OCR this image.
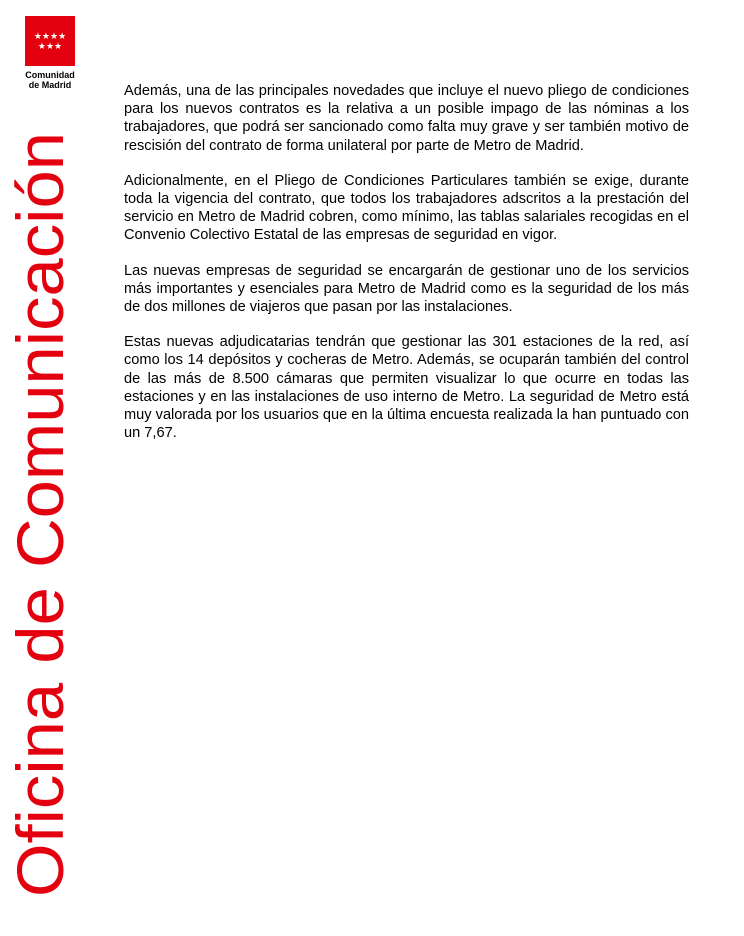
★★★★
★★★
Comunidad
de Madrid
Oficina de Comunicación

Además, una de las principales novedades que incluye el nuevo pliego de condiciones para los nuevos contratos es la relativa a un posible impago de las nóminas a los trabajadores, que podrá ser sancionado como falta muy grave y ser también motivo de rescisión del contrato de forma unilateral por parte de Metro de Madrid.

Adicionalmente, en el Pliego de Condiciones Particulares también se exige, durante toda la vigencia del contrato, que todos los trabajadores adscritos a la prestación del servicio en Metro de Madrid cobren, como mínimo, las tablas salariales recogidas en el Convenio Colectivo Estatal de las empresas de seguridad en vigor.

Las nuevas empresas de seguridad se encargarán de gestionar uno de los servicios más importantes y esenciales para Metro de Madrid como es la seguridad de los más de dos millones de viajeros que pasan por las instalaciones.

Estas nuevas adjudicatarias tendrán que gestionar las 301 estaciones de la red, así como los 14 depósitos y cocheras de Metro. Además, se ocuparán también del control de las más de 8.500 cámaras que permiten visualizar lo que ocurre en todas las estaciones y en las instalaciones de uso interno de Metro. La seguridad de Metro está muy valorada por los usuarios que en la última encuesta realizada la han puntuado con un 7,67.
